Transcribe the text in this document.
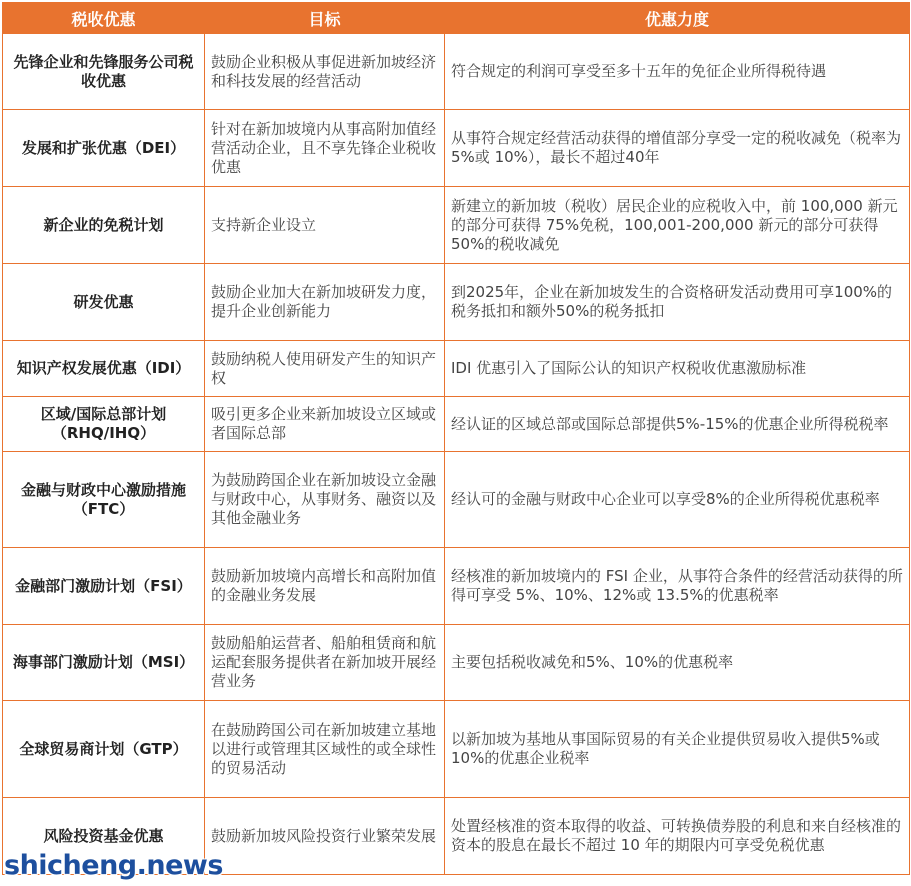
税收优惠	目标	优惠力度
先锋企业和先锋服务公司税收优惠	鼓励企业积极从事促进新加坡经济和科技发展的经营活动	符合规定的利润可享受至多十五年的免征企业所得税待遇
发展和扩张优惠（DEI）	针对在新加坡境内从事高附加值经营活动企业，且不享先锋企业税收优惠	从事符合规定经营活动获得的增值部分享受一定的税收减免（税率为 5%或 10%），最长不超过40年
新企业的免税计划	支持新企业设立	新建立的新加坡（税收）居民企业的应税收入中，前 100,000 新元的部分可获得 75%免税，100,001-200,000 新元的部分可获得 50%的税收减免
研发优惠	鼓励企业加大在新加坡研发力度，提升企业创新能力	到2025年，企业在新加坡发生的合资格研发活动费用可享100%的税务抵扣和额外50%的税务抵扣
知识产权发展优惠（IDI）	鼓励纳税人使用研发产生的知识产权	IDI 优惠引入了国际公认的知识产权税收优惠激励标准
区域/国际总部计划（RHQ/IHQ）	吸引更多企业来新加坡设立区域或者国际总部	经认证的区域总部或国际总部提供5%-15%的优惠企业所得税税率
金融与财政中心激励措施（FTC）	为鼓励跨国企业在新加坡设立金融与财政中心，从事财务、融资以及其他金融业务	经认可的金融与财政中心企业可以享受8%的企业所得税优惠税率
金融部门激励计划（FSI）	鼓励新加坡境内高增长和高附加值的金融业务发展	经核准的新加坡境内的 FSI 企业，从事符合条件的经营活动获得的所得可享受 5%、10%、12%或 13.5%的优惠税率
海事部门激励计划（MSI）	鼓励船舶运营者、船舶租赁商和航运配套服务提供者在新加坡开展经营业务	主要包括税收减免和5%、10%的优惠税率
全球贸易商计划（GTP）	在鼓励跨国公司在新加坡建立基地以进行或管理其区域性的或全球性的贸易活动	以新加坡为基地从事国际贸易的有关企业提供贸易收入提供5%或10%的优惠企业税率
风险投资基金优惠	鼓励新加坡风险投资行业繁荣发展	处置经核准的资本取得的收益、可转换债券股的利息和来自经核准的资本的股息在最长不超过 10 年的期限内可享受免税优惠
shicheng.news
